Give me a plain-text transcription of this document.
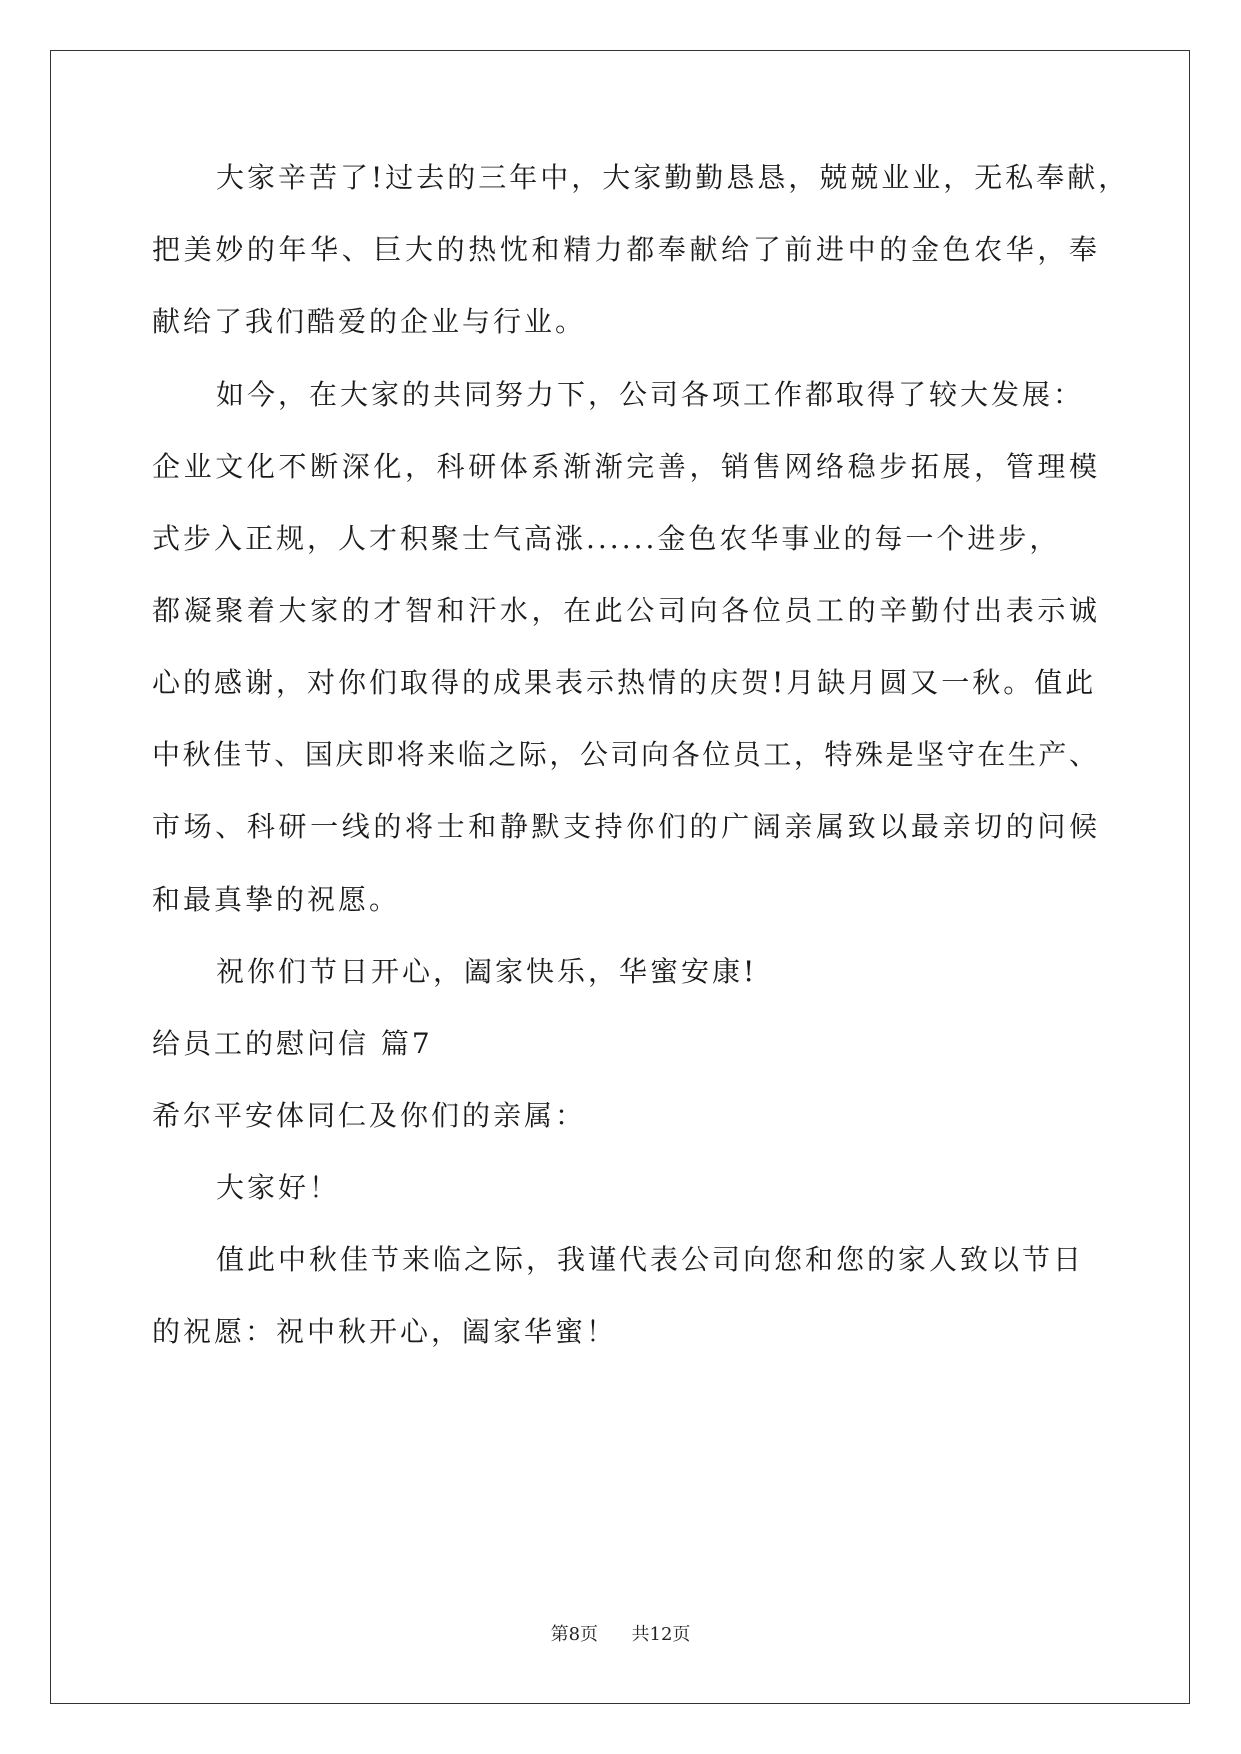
大家辛苦了!过去的三年中，大家勤勤恳恳，兢兢业业，无私奉献，
把美妙的年华、巨大的热忱和精力都奉献给了前进中的金色农华，奉
献给了我们酷爱的企业与行业。
如今，在大家的共同努力下，公司各项工作都取得了较大发展：
企业文化不断深化，科研体系渐渐完善，销售网络稳步拓展，管理模
式步入正规，人才积聚士气高涨......金色农华事业的每一个进步，
都凝聚着大家的才智和汗水，在此公司向各位员工的辛勤付出表示诚
心的感谢，对你们取得的成果表示热情的庆贺!月缺月圆又一秋。值此
中秋佳节、国庆即将来临之际，公司向各位员工，特殊是坚守在生产、
市场、科研一线的将士和静默支持你们的广阔亲属致以最亲切的问候
和最真挚的祝愿。
祝你们节日开心，阖家快乐，华蜜安康!
给员工的慰问信 篇7
希尔平安体同仁及你们的亲属：
大家好！
值此中秋佳节来临之际，我谨代表公司向您和您的家人致以节日
的祝愿：祝中秋开心，阖家华蜜！
第8页 共12页
